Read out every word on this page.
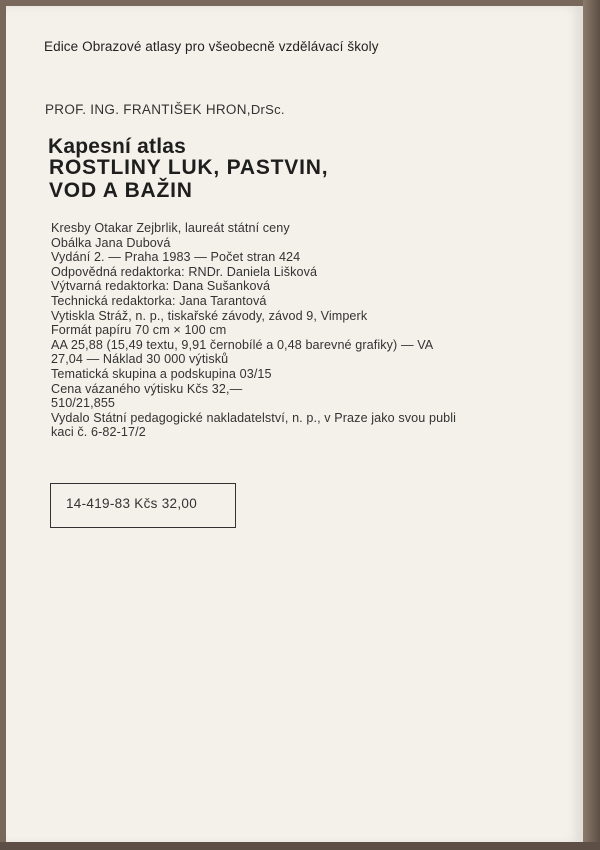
Edice Obrazové atlasy pro všeobecně vzdělávací školy
PROF. ING. FRANTIŠEK HRON,DrSc.
Kapesní atlas
ROSTLINY LUK, PASTVIN,
VOD A BAŽIN
Kresby Otakar Zejbrlik, laureát státní ceny
Obálka Jana Dubová
Vydání 2. — Praha 1983 — Počet stran 424
Odpovědná redaktorka: RNDr. Daniela Lišková
Výtvarná redaktorka: Dana Sušanková
Technická redaktorka: Jana Tarantová
Vytiskla Stráž, n. p., tiskařské závody, závod 9, Vimperk
Formát papíru 70 cm × 100 cm
AA 25,88 (15,49 textu, 9,91 černobílé a 0,48 barevné grafiky) — VA
27,04 — Náklad 30 000 výtisků
Tematická skupina a podskupina 03/15
Cena vázaného výtisku Kčs 32,—
510/21,855
Vydalo Státní pedagogické nakladatelství, n. p., v Praze jako svou publi
kaci č. 6-82-17/2
14-419-83 Kčs 32,00
